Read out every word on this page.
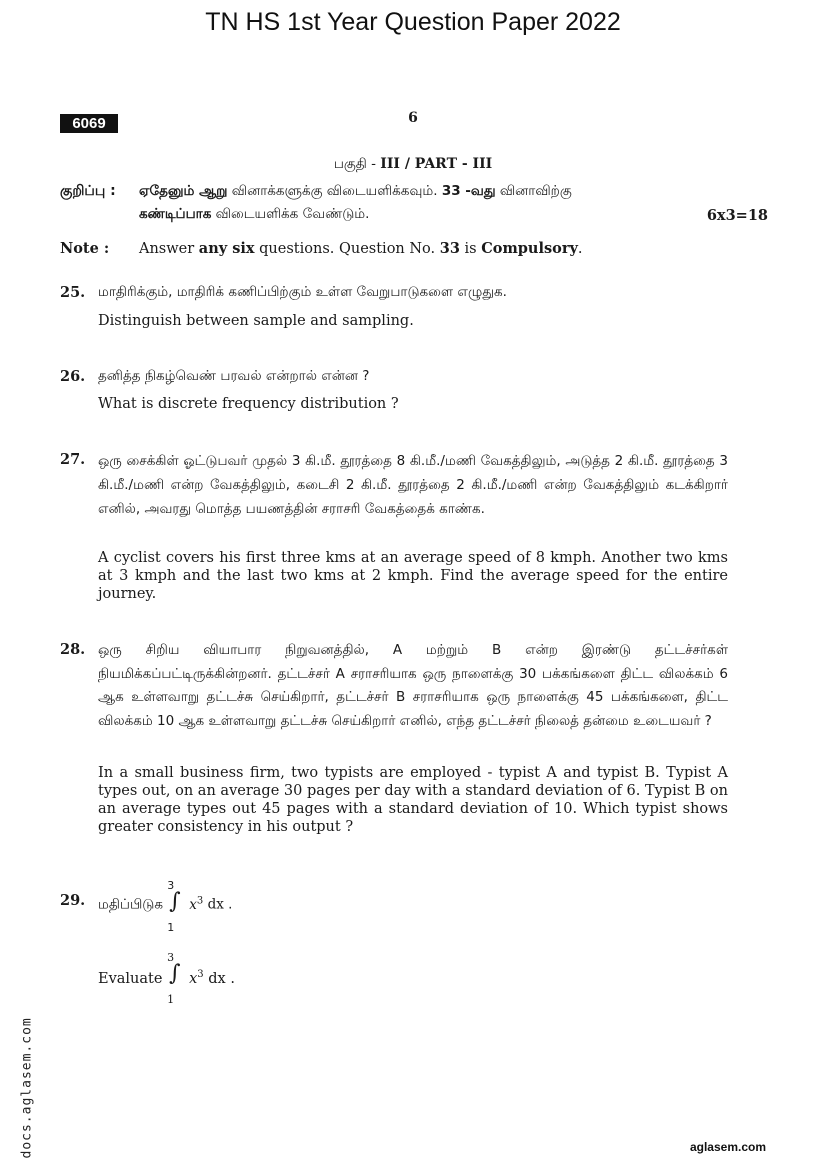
TN HS 1st Year Question Paper 2022
6069	6
பகுதி - III / PART - III
குறிப்பு : ஏதேனும் ஆறு வினாக்களுக்கு விடையளிக்கவும். 33 -வது வினாவிற்கு
கண்டிப்பாக விடையளிக்க வேண்டும்.	6x3=18
Note : Answer any six questions. Question No. 33 is Compulsory.
25. மாதிரிக்கும், மாதிரிக் கணிப்பிற்கும் உள்ள வேறுபாடுகளை எழுதுக.
Distinguish between sample and sampling.
26. தனித்த நிகழ்வெண் பரவல் என்றால் என்ன ?
What is discrete frequency distribution ?
27. ஒரு சைக்கிள் ஓட்டுபவர் முதல் 3 கி.மீ. தூரத்தை 8 கி.மீ./மணி வேகத்திலும், அடுத்த 2 கி.மீ. தூரத்தை 3 கி.மீ./மணி என்ற வேகத்திலும், கடைசி 2 கி.மீ. தூரத்தை 2 கி.மீ./மணி என்ற வேகத்திலும் கடக்கிறார் எனில், அவரது மொத்த பயணத்தின் சராசரி வேகத்தைக் காண்க.
A cyclist covers his first three kms at an average speed of 8 kmph. Another two kms at 3 kmph and the last two kms at 2 kmph. Find the average speed for the entire journey.
28. ஒரு சிறிய வியாபார நிறுவனத்தில், A மற்றும் B என்ற இரண்டு தட்டச்சர்கள் நியமிக்கப்பட்டிருக்கின்றனர். தட்டச்சர் A சராசரியாக ஒரு நாளைக்கு 30 பக்கங்களை திட்ட விலக்கம் 6 ஆக உள்ளவாறு தட்டச்சு செய்கிறார், தட்டச்சர் B சராசரியாக ஒரு நாளைக்கு 45 பக்கங்களை, திட்ட விலக்கம் 10 ஆக உள்ளவாறு தட்டச்சு செய்கிறார் எனில், எந்த தட்டச்சர் நிலைத் தன்மை உடையவர் ?
In a small business firm, two typists are employed - typist A and typist B. Typist A types out, on an average 30 pages per day with a standard deviation of 6. Typist B on an average types out 45 pages with a standard deviation of 10. Which typist shows greater consistency in his output ?
29. மதிப்பிடுக
3
∫
1
$x^3$ dx .
Evaluate
3
∫
1
$x^3$ dx .
docs.aglasem.com	aglasem.com
